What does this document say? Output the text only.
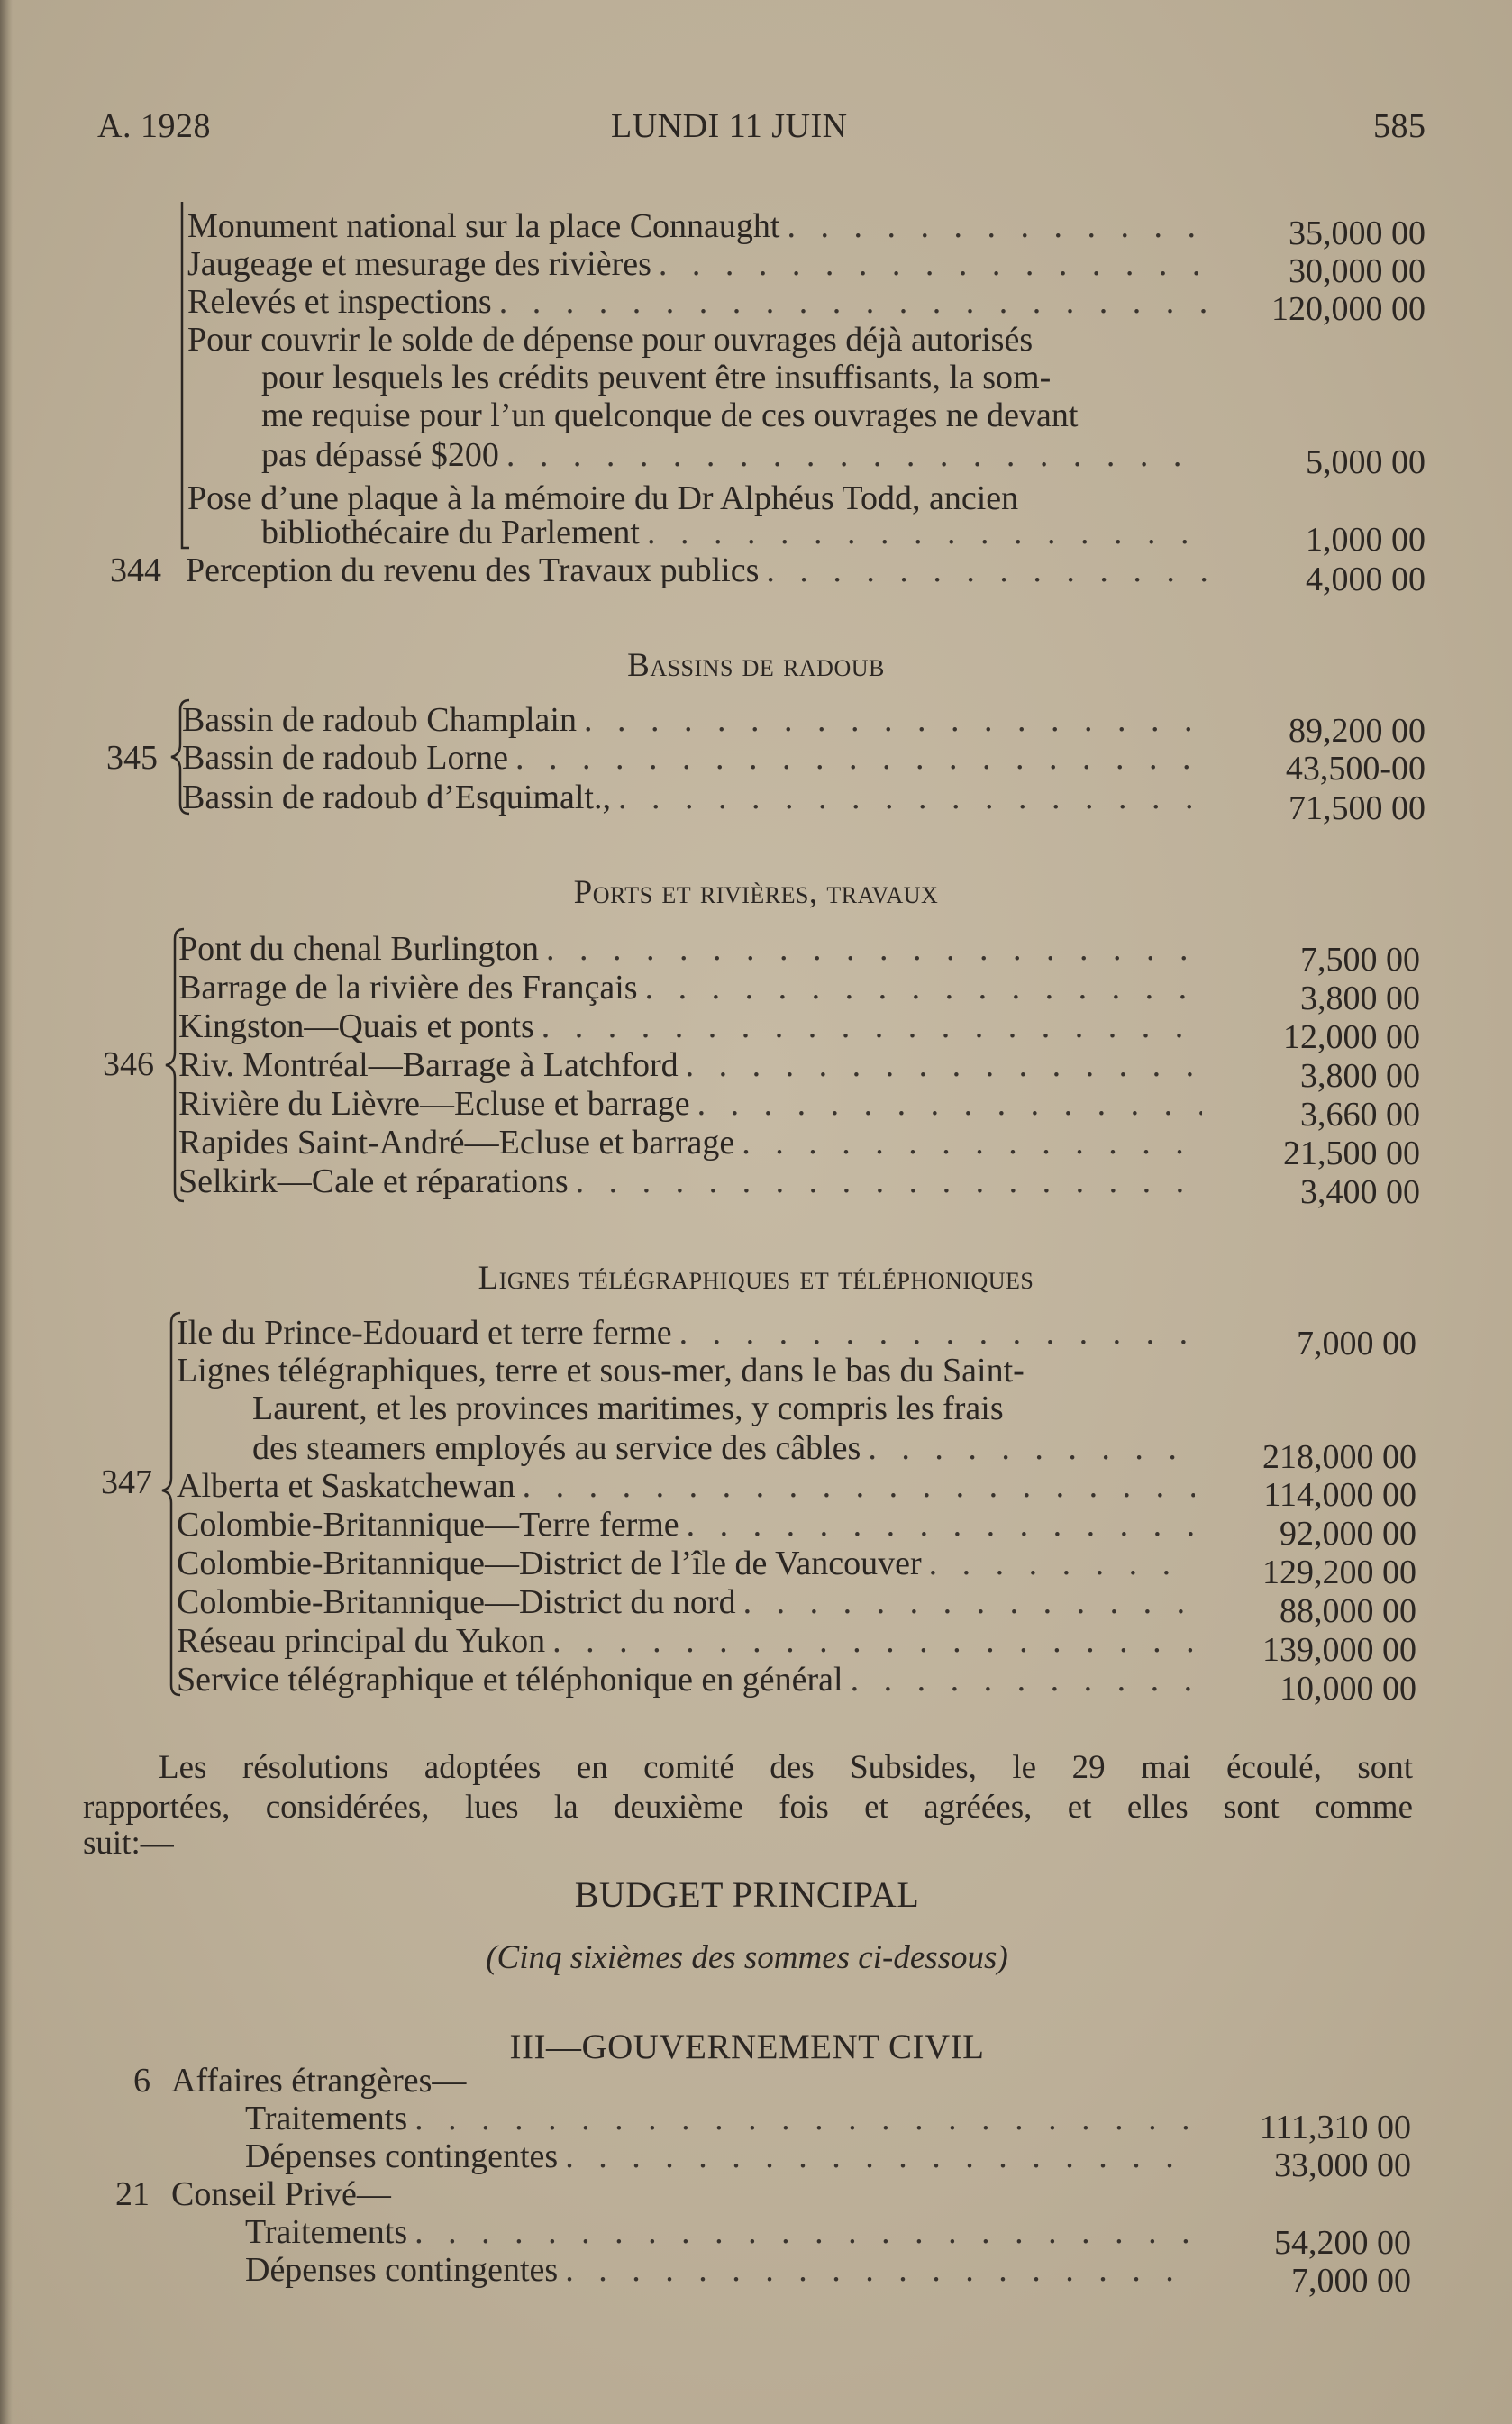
A. 1928	LUNDI 11 JUIN	585
Monument national sur la place Connaught . . .	35,000 00
Jaugeage et mesurage des rivières . . .	30,000 00
Relevés et inspections . . .	120,000 00
Pour couvrir le solde de dépense pour ouvrages déjà autorisés
pour lesquels les crédits peuvent être insuffisants, la som-
me requise pour l’un quelconque de ces ouvrages ne devant
pas dépassé $200 . . .	5,000 00
Pose d’une plaque à la mémoire du Dr Alphéus Todd, ancien
bibliothécaire du Parlement . . .	1,000 00
344 Perception du revenu des Travaux publics . . .	4,000 00
Bassins de radoub
345
Bassin de radoub Champlain . . .	89,200 00
Bassin de radoub Lorne . . .	43,500-00
Bassin de radoub d’Esquimalt., . . .	71,500 00
Ports et rivières, travaux
346
Pont du chenal Burlington . . .	7,500 00
Barrage de la rivière des Français . . .	3,800 00
Kingston—Quais et ponts . . .	12,000 00
Riv. Montréal—Barrage à Latchford . . .	3,800 00
Rivière du Lièvre—Ecluse et barrage . . .	3,660 00
Rapides Saint-André—Ecluse et barrage . . .	21,500 00
Selkirk—Cale et réparations . . .	3,400 00
Lignes télégraphiques et téléphoniques
347
Ile du Prince-Edouard et terre ferme . . .	7,000 00
Lignes télégraphiques, terre et sous-mer, dans le bas du Saint-
Laurent, et les provinces maritimes, y compris les frais
des steamers employés au service des câbles . . .	218,000 00
Alberta et Saskatchewan . . .	114,000 00
Colombie-Britannique—Terre ferme . . .	92,000 00
Colombie-Britannique—District de l’île de Vancouver . . .	129,200 00
Colombie-Britannique—District du nord . . .	88,000 00
Réseau principal du Yukon . . .	139,000 00
Service télégraphique et téléphonique en général . . .	10,000 00
Les résolutions adoptées en comité des Subsides, le 29 mai écoulé, sont
rapportées, considérées, lues la deuxième fois et agréées, et elles sont comme
suit:—
BUDGET PRINCIPAL
(Cinq sixièmes des sommes ci-dessous)
III—GOUVERNEMENT CIVIL
6 Affaires étrangères—
Traitements . . .	111,310 00
Dépenses contingentes . . .	33,000 00
21 Conseil Privé—
Traitements . . .	54,200 00
Dépenses contingentes . . .	7,000 00
